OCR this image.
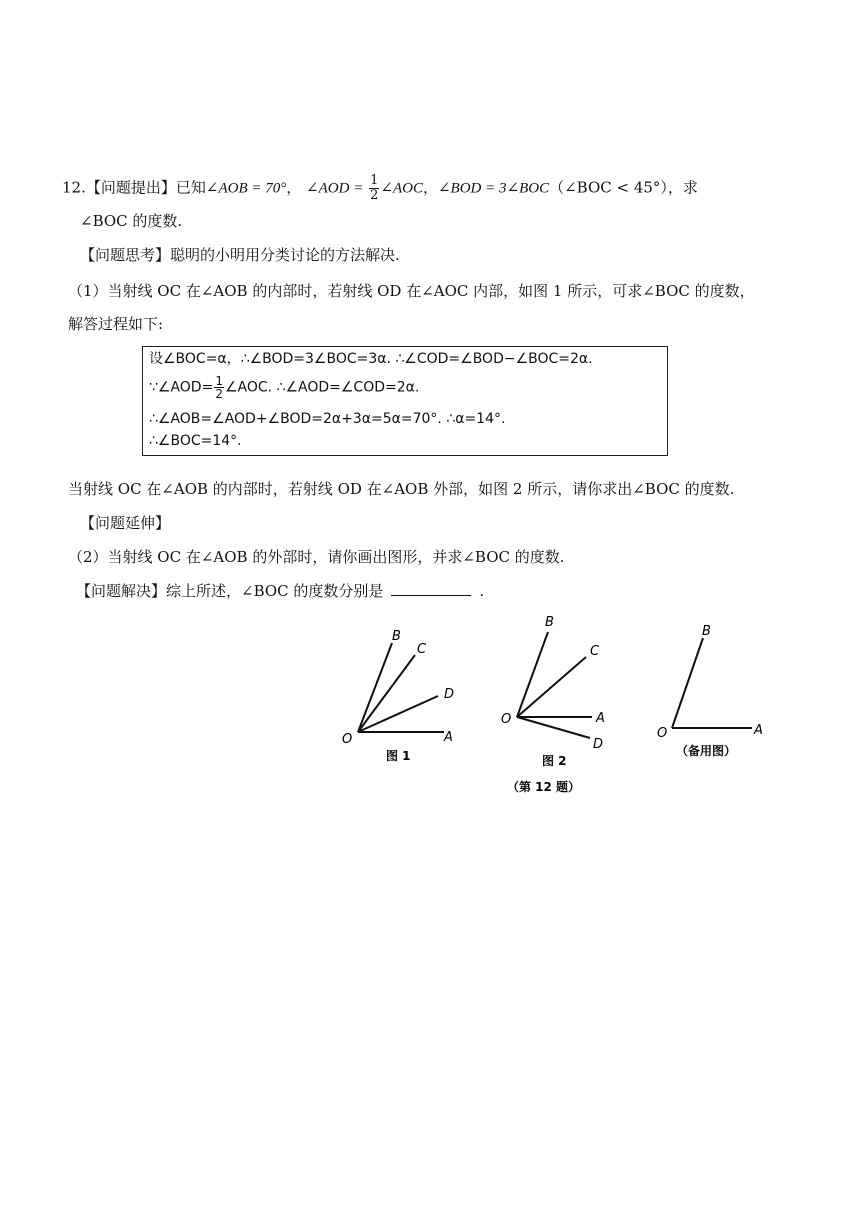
12.【问题提出】已知∠AOB = 70°， ∠AOD = $\frac{1}{2}$ ∠AOC，∠BOD = 3∠BOC（∠BOC < 45°），求
∠BOC 的度数.
【问题思考】聪明的小明用分类讨论的方法解决.
（1）当射线 OC 在∠AOB 的内部时，若射线 OD 在∠AOC 内部，如图 1 所示，可求∠BOC 的度数，
解答过程如下:
设∠BOC=α，∴∠BOD=3∠BOC=3α. ∴∠COD=∠BOD−∠BOC=2α.
∵∠AOD= $\frac{1}{2}$ ∠AOC. ∴∠AOD=∠COD=2α.
∴∠AOB=∠AOD+∠BOD=2α+3α=5α=70°. ∴α=14°.
∴∠BOC=14°.
当射线 OC 在∠AOB 的内部时，若射线 OD 在∠AOB 外部，如图 2 所示，请你求出∠BOC 的度数.
【问题延伸】
（2）当射线 OC 在∠AOB 的外部时，请你画出图形，并求∠BOC 的度数.
【问题解决】综上所述，∠BOC 的度数分别是	.
O	A
B
C
D
图 1
O	A
B
C
D
图 2
O	A
B
（备用图）
（第 12 题）
